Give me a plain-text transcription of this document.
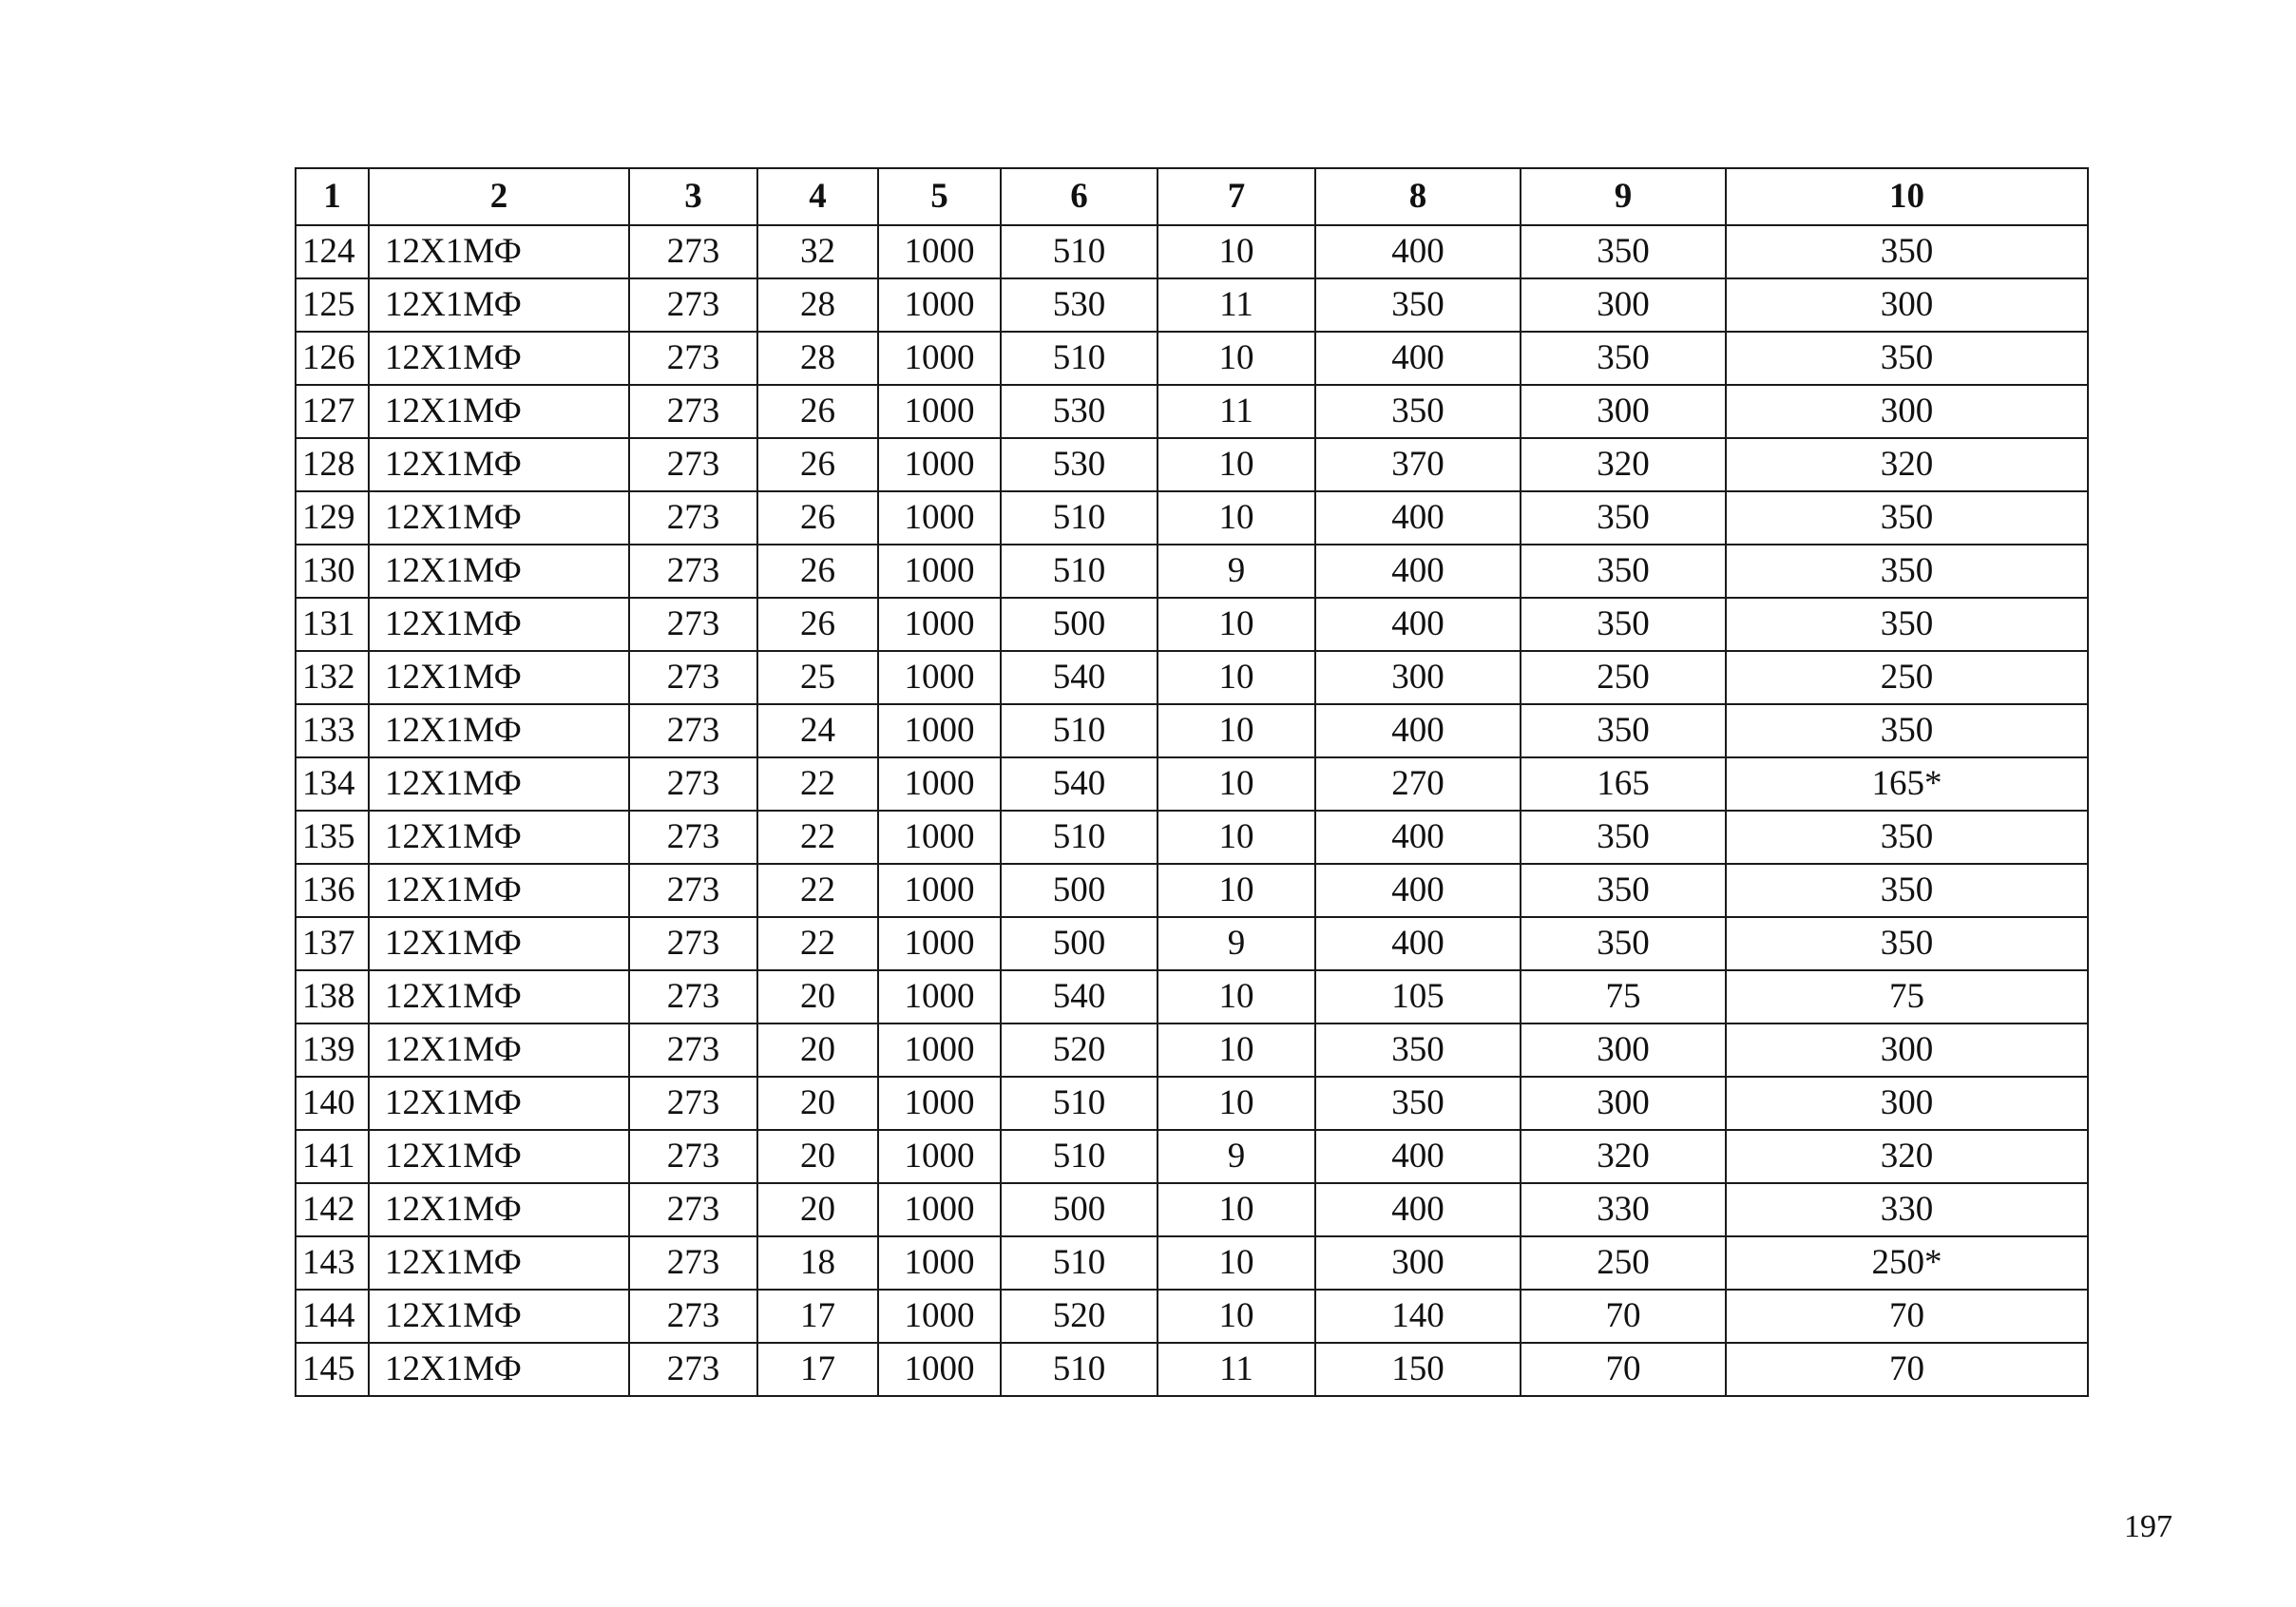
1	2	3	4	5	6	7	8	9	10
124	12Х1МФ	273	32	1000	510	10	400	350	350
125	12Х1МФ	273	28	1000	530	11	350	300	300
126	12Х1МФ	273	28	1000	510	10	400	350	350
127	12Х1МФ	273	26	1000	530	11	350	300	300
128	12Х1МФ	273	26	1000	530	10	370	320	320
129	12Х1МФ	273	26	1000	510	10	400	350	350
130	12Х1МФ	273	26	1000	510	9	400	350	350
131	12Х1МФ	273	26	1000	500	10	400	350	350
132	12Х1МФ	273	25	1000	540	10	300	250	250
133	12Х1МФ	273	24	1000	510	10	400	350	350
134	12Х1МФ	273	22	1000	540	10	270	165	165*
135	12Х1МФ	273	22	1000	510	10	400	350	350
136	12Х1МФ	273	22	1000	500	10	400	350	350
137	12Х1МФ	273	22	1000	500	9	400	350	350
138	12Х1МФ	273	20	1000	540	10	105	75	75
139	12Х1МФ	273	20	1000	520	10	350	300	300
140	12Х1МФ	273	20	1000	510	10	350	300	300
141	12Х1МФ	273	20	1000	510	9	400	320	320
142	12Х1МФ	273	20	1000	500	10	400	330	330
143	12Х1МФ	273	18	1000	510	10	300	250	250*
144	12Х1МФ	273	17	1000	520	10	140	70	70
145	12Х1МФ	273	17	1000	510	11	150	70	70
197
